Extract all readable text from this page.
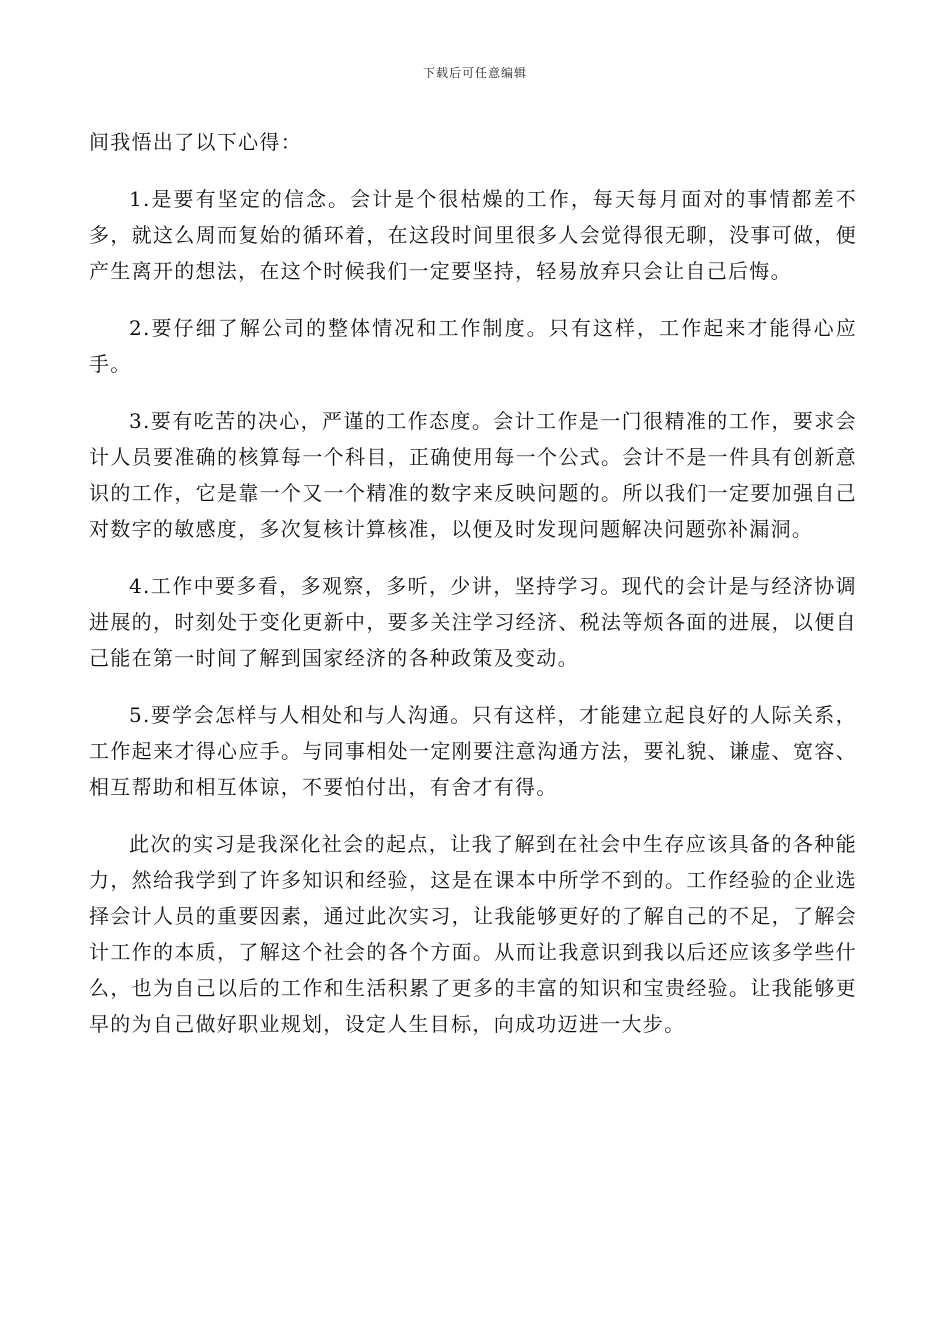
下载后可任意编辑

间我悟出了以下心得：

1.是要有坚定的信念。会计是个很枯燥的工作，每天每月面对的事情都差不多，就这么周而复始的循环着，在这段时间里很多人会觉得很无聊，没事可做，便产生离开的想法，在这个时候我们一定要坚持，轻易放弃只会让自己后悔。

2.要仔细了解公司的整体情况和工作制度。只有这样，工作起来才能得心应手。

3.要有吃苦的决心，严谨的工作态度。会计工作是一门很精准的工作，要求会计人员要准确的核算每一个科目，正确使用每一个公式。会计不是一件具有创新意识的工作，它是靠一个又一个精准的数字来反映问题的。所以我们一定要加强自己对数字的敏感度，多次复核计算核准，以便及时发现问题解决问题弥补漏洞。

4.工作中要多看，多观察，多听，少讲，坚持学习。现代的会计是与经济协调进展的，时刻处于变化更新中，要多关注学习经济、税法等烦各面的进展，以便自己能在第一时间了解到国家经济的各种政策及变动。

5.要学会怎样与人相处和与人沟通。只有这样，才能建立起良好的人际关系，工作起来才得心应手。与同事相处一定刚要注意沟通方法，要礼貌、谦虚、宽容、相互帮助和相互体谅，不要怕付出，有舍才有得。

此次的实习是我深化社会的起点，让我了解到在社会中生存应该具备的各种能力，然给我学到了许多知识和经验，这是在课本中所学不到的。工作经验的企业选择会计人员的重要因素，通过此次实习，让我能够更好的了解自己的不足，了解会计工作的本质，了解这个社会的各个方面。从而让我意识到我以后还应该多学些什么，也为自己以后的工作和生活积累了更多的丰富的知识和宝贵经验。让我能够更早的为自己做好职业规划，设定人生目标，向成功迈进一大步。
